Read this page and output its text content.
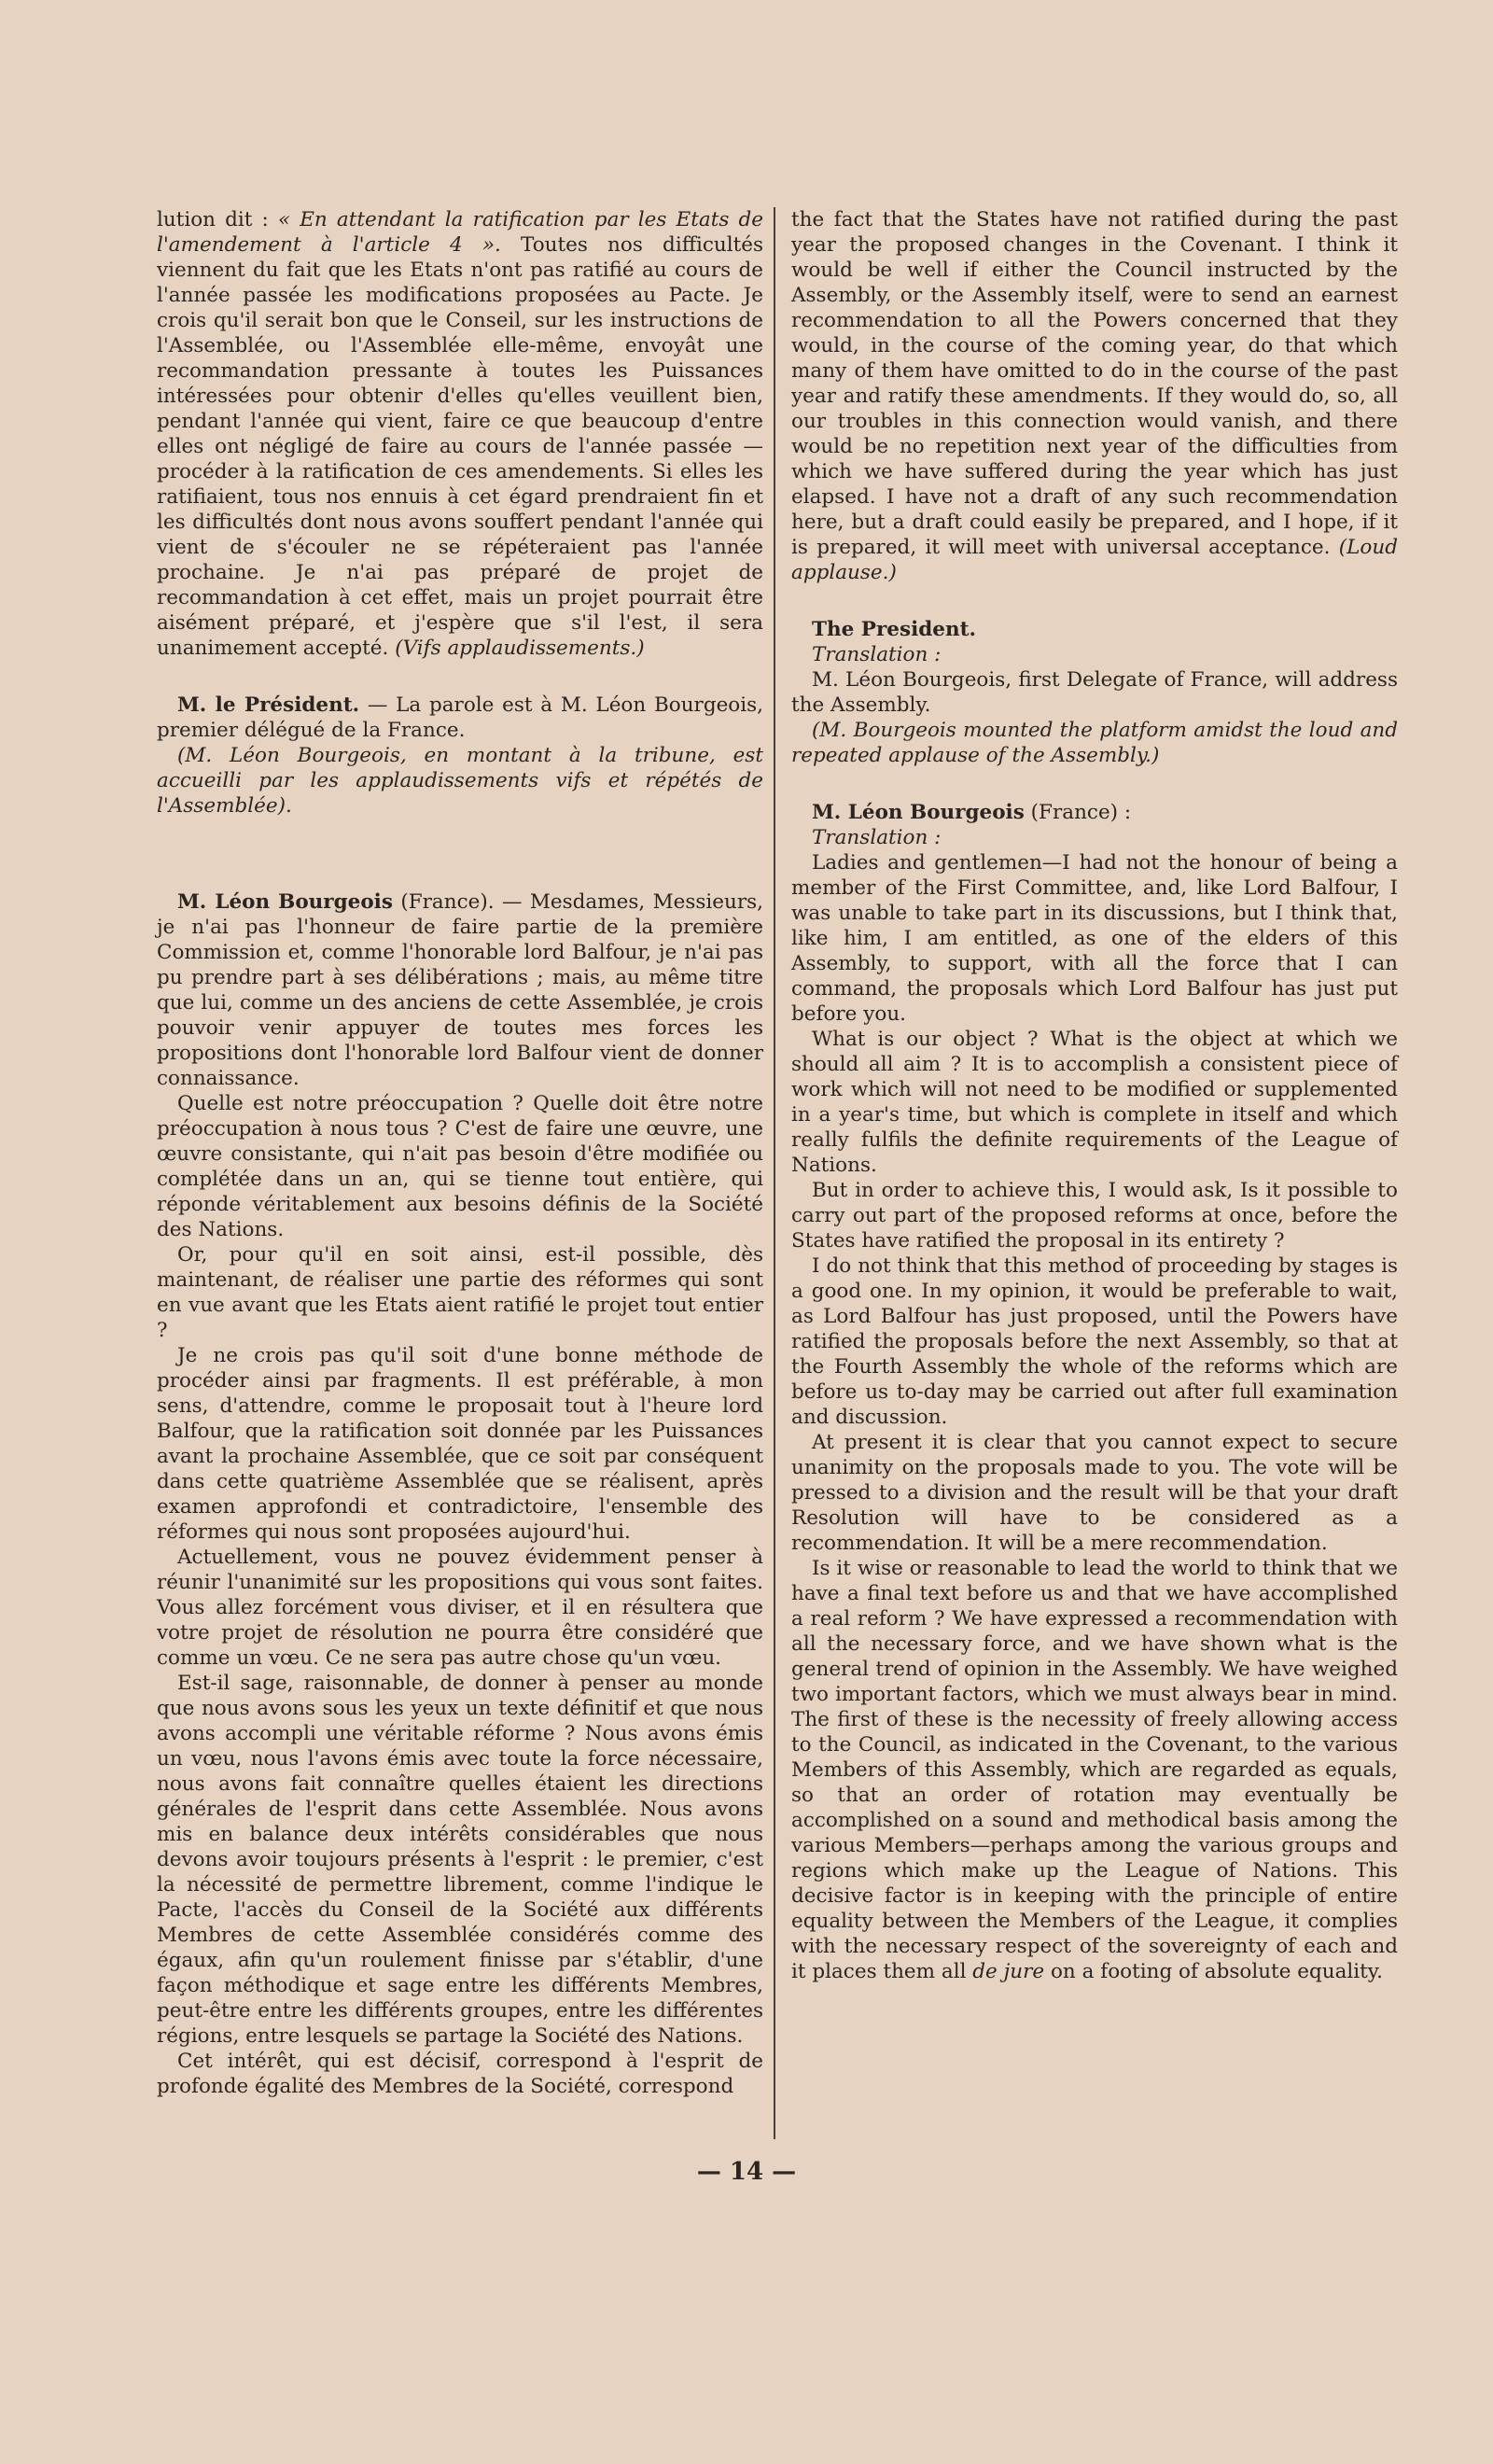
lution dit : « En attendant la ratification par les Etats de l'amendement à l'article 4 ». Toutes nos difficultés viennent du fait que les Etats n'ont pas ratifié au cours de l'année passée les modifications proposées au Pacte. Je crois qu'il serait bon que le Conseil, sur les instructions de l'Assemblée, ou l'Assemblée elle-même, envoyât une recommandation pressante à toutes les Puissances intéressées pour obtenir d'elles qu'elles veuillent bien, pendant l'année qui vient, faire ce que beaucoup d'entre elles ont négligé de faire au cours de l'année passée — procéder à la ratification de ces amendements. Si elles les ratifiaient, tous nos ennuis à cet égard prendraient fin et les difficultés dont nous avons souffert pendant l'année qui vient de s'écouler ne se répéteraient pas l'année prochaine. Je n'ai pas préparé de projet de recommandation à cet effet, mais un projet pourrait être aisément préparé, et j'espère que s'il l'est, il sera unanimement accepté. (Vifs applaudissements.)

M. le Président. — La parole est à M. Léon Bourgeois, premier délégué de la France.

(M. Léon Bourgeois, en montant à la tribune, est accueilli par les applaudissements vifs et répétés de l'Assemblée).

M. Léon Bourgeois (France). — Mesdames, Messieurs, je n'ai pas l'honneur de faire partie de la première Commission et, comme l'honorable lord Balfour, je n'ai pas pu prendre part à ses délibérations ; mais, au même titre que lui, comme un des anciens de cette Assemblée, je crois pouvoir venir appuyer de toutes mes forces les propositions dont l'honorable lord Balfour vient de donner connaissance.

Quelle est notre préoccupation ? Quelle doit être notre préoccupation à nous tous ? C'est de faire une œuvre, une œuvre consistante, qui n'ait pas besoin d'être modifiée ou complétée dans un an, qui se tienne tout entière, qui réponde véritablement aux besoins définis de la Société des Nations.

Or, pour qu'il en soit ainsi, est-il possible, dès maintenant, de réaliser une partie des réformes qui sont en vue avant que les Etats aient ratifié le projet tout entier ?

Je ne crois pas qu'il soit d'une bonne méthode de procéder ainsi par fragments. Il est préférable, à mon sens, d'attendre, comme le proposait tout à l'heure lord Balfour, que la ratification soit donnée par les Puissances avant la prochaine Assemblée, que ce soit par conséquent dans cette quatrième Assemblée que se réalisent, après examen approfondi et contradictoire, l'ensemble des réformes qui nous sont proposées aujourd'hui.

Actuellement, vous ne pouvez évidemment penser à réunir l'unanimité sur les propositions qui vous sont faites. Vous allez forcément vous diviser, et il en résultera que votre projet de résolution ne pourra être considéré que comme un vœu. Ce ne sera pas autre chose qu'un vœu.

Est-il sage, raisonnable, de donner à penser au monde que nous avons sous les yeux un texte définitif et que nous avons accompli une véritable réforme ? Nous avons émis un vœu, nous l'avons émis avec toute la force nécessaire, nous avons fait connaître quelles étaient les directions générales de l'esprit dans cette Assemblée. Nous avons mis en balance deux intérêts considérables que nous devons avoir toujours présents à l'esprit : le premier, c'est la nécessité de permettre librement, comme l'indique le Pacte, l'accès du Conseil de la Société aux différents Membres de cette Assemblée considérés comme des égaux, afin qu'un roulement finisse par s'établir, d'une façon méthodique et sage entre les différents Membres, peut-être entre les différents groupes, entre les différentes régions, entre lesquels se partage la Société des Nations.

Cet intérêt, qui est décisif, correspond à l'esprit de profonde égalité des Membres de la Société, correspond

the fact that the States have not ratified during the past year the proposed changes in the Covenant. I think it would be well if either the Council instructed by the Assembly, or the Assembly itself, were to send an earnest recommendation to all the Powers concerned that they would, in the course of the coming year, do that which many of them have omitted to do in the course of the past year and ratify these amendments. If they would do, so, all our troubles in this connection would vanish, and there would be no repetition next year of the difficulties from which we have suffered during the year which has just elapsed. I have not a draft of any such recommendation here, but a draft could easily be prepared, and I hope, if it is prepared, it will meet with universal acceptance. (Loud applause.)

The President.

Translation :

M. Léon Bourgeois, first Delegate of France, will address the Assembly.

(M. Bourgeois mounted the platform amidst the loud and repeated applause of the Assembly.)

M. Léon Bourgeois (France) :

Translation :

Ladies and gentlemen—I had not the honour of being a member of the First Committee, and, like Lord Balfour, I was unable to take part in its discussions, but I think that, like him, I am entitled, as one of the elders of this Assembly, to support, with all the force that I can command, the proposals which Lord Balfour has just put before you.

What is our object ? What is the object at which we should all aim ? It is to accomplish a consistent piece of work which will not need to be modified or supplemented in a year's time, but which is complete in itself and which really fulfils the definite requirements of the League of Nations.

But in order to achieve this, I would ask, Is it possible to carry out part of the proposed reforms at once, before the States have ratified the proposal in its entirety ?

I do not think that this method of proceeding by stages is a good one. In my opinion, it would be preferable to wait, as Lord Balfour has just proposed, until the Powers have ratified the proposals before the next Assembly, so that at the Fourth Assembly the whole of the reforms which are before us to-day may be carried out after full examination and discussion.

At present it is clear that you cannot expect to secure unanimity on the proposals made to you. The vote will be pressed to a division and the result will be that your draft Resolution will have to be considered as a recommendation. It will be a mere recommendation.

Is it wise or reasonable to lead the world to think that we have a final text before us and that we have accomplished a real reform ? We have expressed a recommendation with all the necessary force, and we have shown what is the general trend of opinion in the Assembly. We have weighed two important factors, which we must always bear in mind. The first of these is the necessity of freely allowing access to the Council, as indicated in the Covenant, to the various Members of this Assembly, which are regarded as equals, so that an order of rotation may eventually be accomplished on a sound and methodical basis among the various Members—perhaps among the various groups and regions which make up the League of Nations. This decisive factor is in keeping with the principle of entire equality between the Members of the League, it complies with the necessary respect of the sovereignty of each and it places them all de jure on a footing of absolute equality.

— 14 —
